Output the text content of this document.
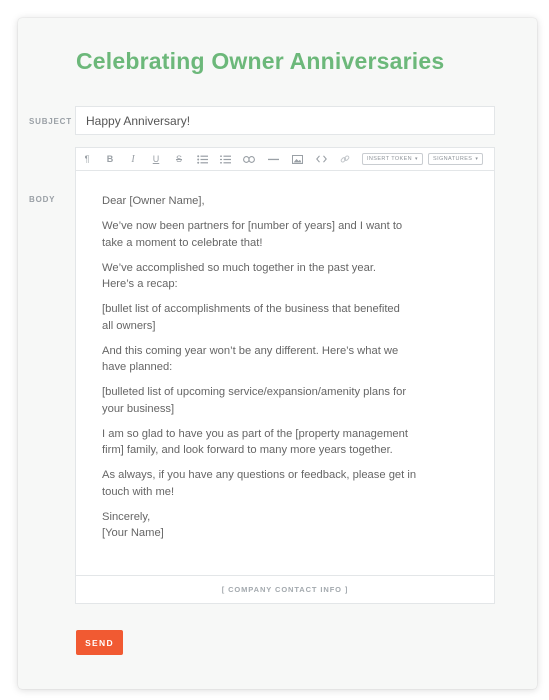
Celebrating Owner Anniversaries
SUBJECT
Happy Anniversary!
BODY
¶ B I U S	INSERT TOKEN ▾	SIGNATURES ▾

Dear [Owner Name],

We’ve now been partners for [number of years] and I want to
take a moment to celebrate that!

We’ve accomplished so much together in the past year.
Here’s a recap:

[bullet list of accomplishments of the business that benefited
all owners]

And this coming year won’t be any different. Here’s what we
have planned:

[bulleted list of upcoming service/expansion/amenity plans for
your business]

I am so glad to have you as part of the [property management
firm] family, and look forward to many more years together.

As always, if you have any questions or feedback, please get in
touch with me!

Sincerely,
[Your Name]

[ COMPANY CONTACT INFO ]
SEND
